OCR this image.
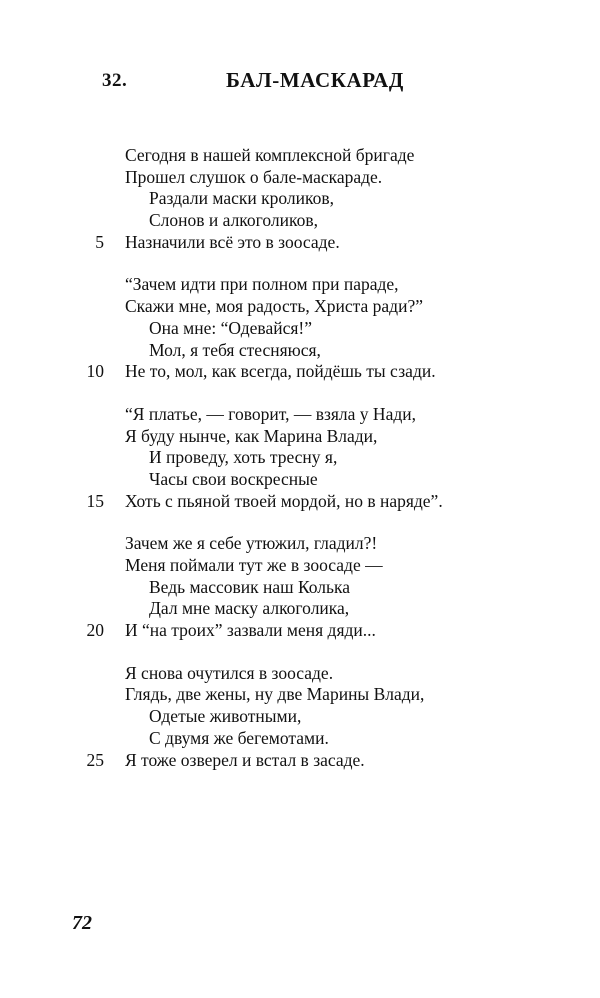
32.	БАЛ-МАСКАРАД
Сегодня в нашей комплексной бригаде
Прошел слушок о бале-маскараде.
Раздали маски кроликов,
Слонов и алкоголиков,
5 Назначили всё это в зоосаде.
“Зачем идти при полном при параде,
Скажи мне, моя радость, Христа ради?”
Она мне: “Одевайся!”
Мол, я тебя стесняюся,
10 Не то, мол, как всегда, пойдёшь ты сзади.
“Я платье, — говорит, — взяла у Нади,
Я буду нынче, как Марина Влади,
И проведу, хоть тресну я,
Часы свои воскресные
15 Хоть с пьяной твоей мордой, но в наряде”.
Зачем же я себе утюжил, гладил?!
Меня поймали тут же в зоосаде —
Ведь массовик наш Колька
Дал мне маску алкоголика,
20 И “на троих” зазвали меня дяди...
Я снова очутился в зоосаде.
Глядь, две жены, ну две Марины Влади,
Одетые животными,
С двумя же бегемотами.
25 Я тоже озверел и встал в засаде.
72
